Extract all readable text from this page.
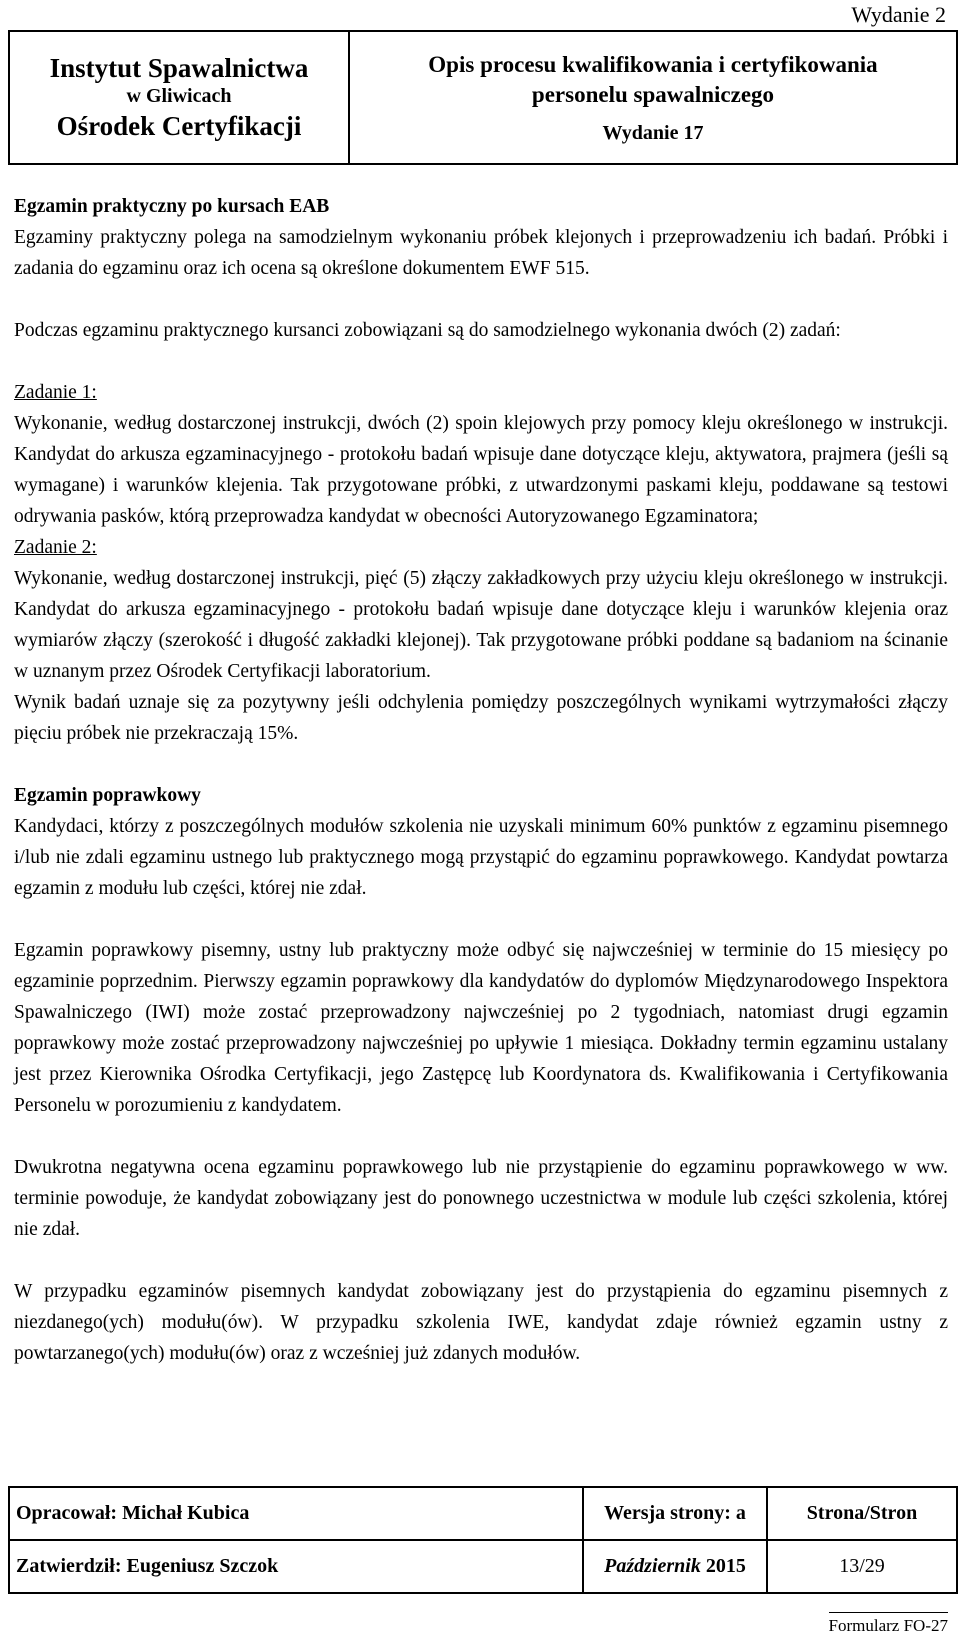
Wydanie 2
Instytut Spawalnictwa
w Gliwicach
Ośrodek Certyfikacji

Opis procesu kwalifikowania i certyfikowania
personelu spawalniczego
Wydanie 17

Egzamin praktyczny po kursach EAB

Egzaminy praktyczny polega na samodzielnym wykonaniu próbek klejonych i przeprowadzeniu ich badań. Próbki i zadania do egzaminu oraz ich ocena są określone dokumentem EWF 515.

Podczas egzaminu praktycznego kursanci zobowiązani są do samodzielnego wykonania dwóch (2) zadań:

Zadanie 1:

Wykonanie, według dostarczonej instrukcji, dwóch (2) spoin klejowych przy pomocy kleju określonego w instrukcji. Kandydat do arkusza egzaminacyjnego - protokołu badań wpisuje dane dotyczące kleju, aktywatora, prajmera (jeśli są wymagane) i warunków klejenia. Tak przygotowane próbki, z utwardzonymi paskami kleju, poddawane są testowi odrywania pasków, którą przeprowadza kandydat w obecności Autoryzowanego Egzaminatora;

Zadanie 2:

Wykonanie, według dostarczonej instrukcji, pięć (5) złączy zakładkowych przy użyciu kleju określonego w instrukcji. Kandydat do arkusza egzaminacyjnego - protokołu badań wpisuje dane dotyczące kleju i warunków klejenia oraz wymiarów złączy (szerokość i długość zakładki klejonej). Tak przygotowane próbki poddane są badaniom na ścinanie w uznanym przez Ośrodek Certyfikacji laboratorium.

Wynik badań uznaje się za pozytywny jeśli odchylenia pomiędzy poszczególnych wynikami wytrzymałości złączy pięciu próbek nie przekraczają 15%.

Egzamin poprawkowy

Kandydaci, którzy z poszczególnych modułów szkolenia nie uzyskali minimum 60% punktów z egzaminu pisemnego i/lub nie zdali egzaminu ustnego lub praktycznego mogą przystąpić do egzaminu poprawkowego. Kandydat powtarza egzamin z modułu lub części, której nie zdał.

Egzamin poprawkowy pisemny, ustny lub praktyczny może odbyć się najwcześniej w terminie do 15 miesięcy po egzaminie poprzednim. Pierwszy egzamin poprawkowy dla kandydatów do dyplomów Międzynarodowego Inspektora Spawalniczego (IWI) może zostać przeprowadzony najwcześniej po 2 tygodniach, natomiast drugi egzamin poprawkowy może zostać przeprowadzony najwcześniej po upływie 1 miesiąca. Dokładny termin egzaminu ustalany jest przez Kierownika Ośrodka Certyfikacji, jego Zastępcę lub Koordynatora ds. Kwalifikowania i Certyfikowania Personelu w porozumieniu z kandydatem.

Dwukrotna negatywna ocena egzaminu poprawkowego lub nie przystąpienie do egzaminu poprawkowego w ww. terminie powoduje, że kandydat zobowiązany jest do ponownego uczestnictwa w module lub części szkolenia, której nie zdał.

W przypadku egzaminów pisemnych kandydat zobowiązany jest do przystąpienia do egzaminu pisemnych z niezdanego(ych) modułu(ów). W przypadku szkolenia IWE, kandydat zdaje również egzamin ustny z powtarzanego(ych) modułu(ów) oraz z wcześniej już zdanych modułów.

Opracował: Michał Kubica	Wersja strony: a	Strona/Stron
Zatwierdził: Eugeniusz Szczok	Październik 2015	13/29
Formularz FO-27
